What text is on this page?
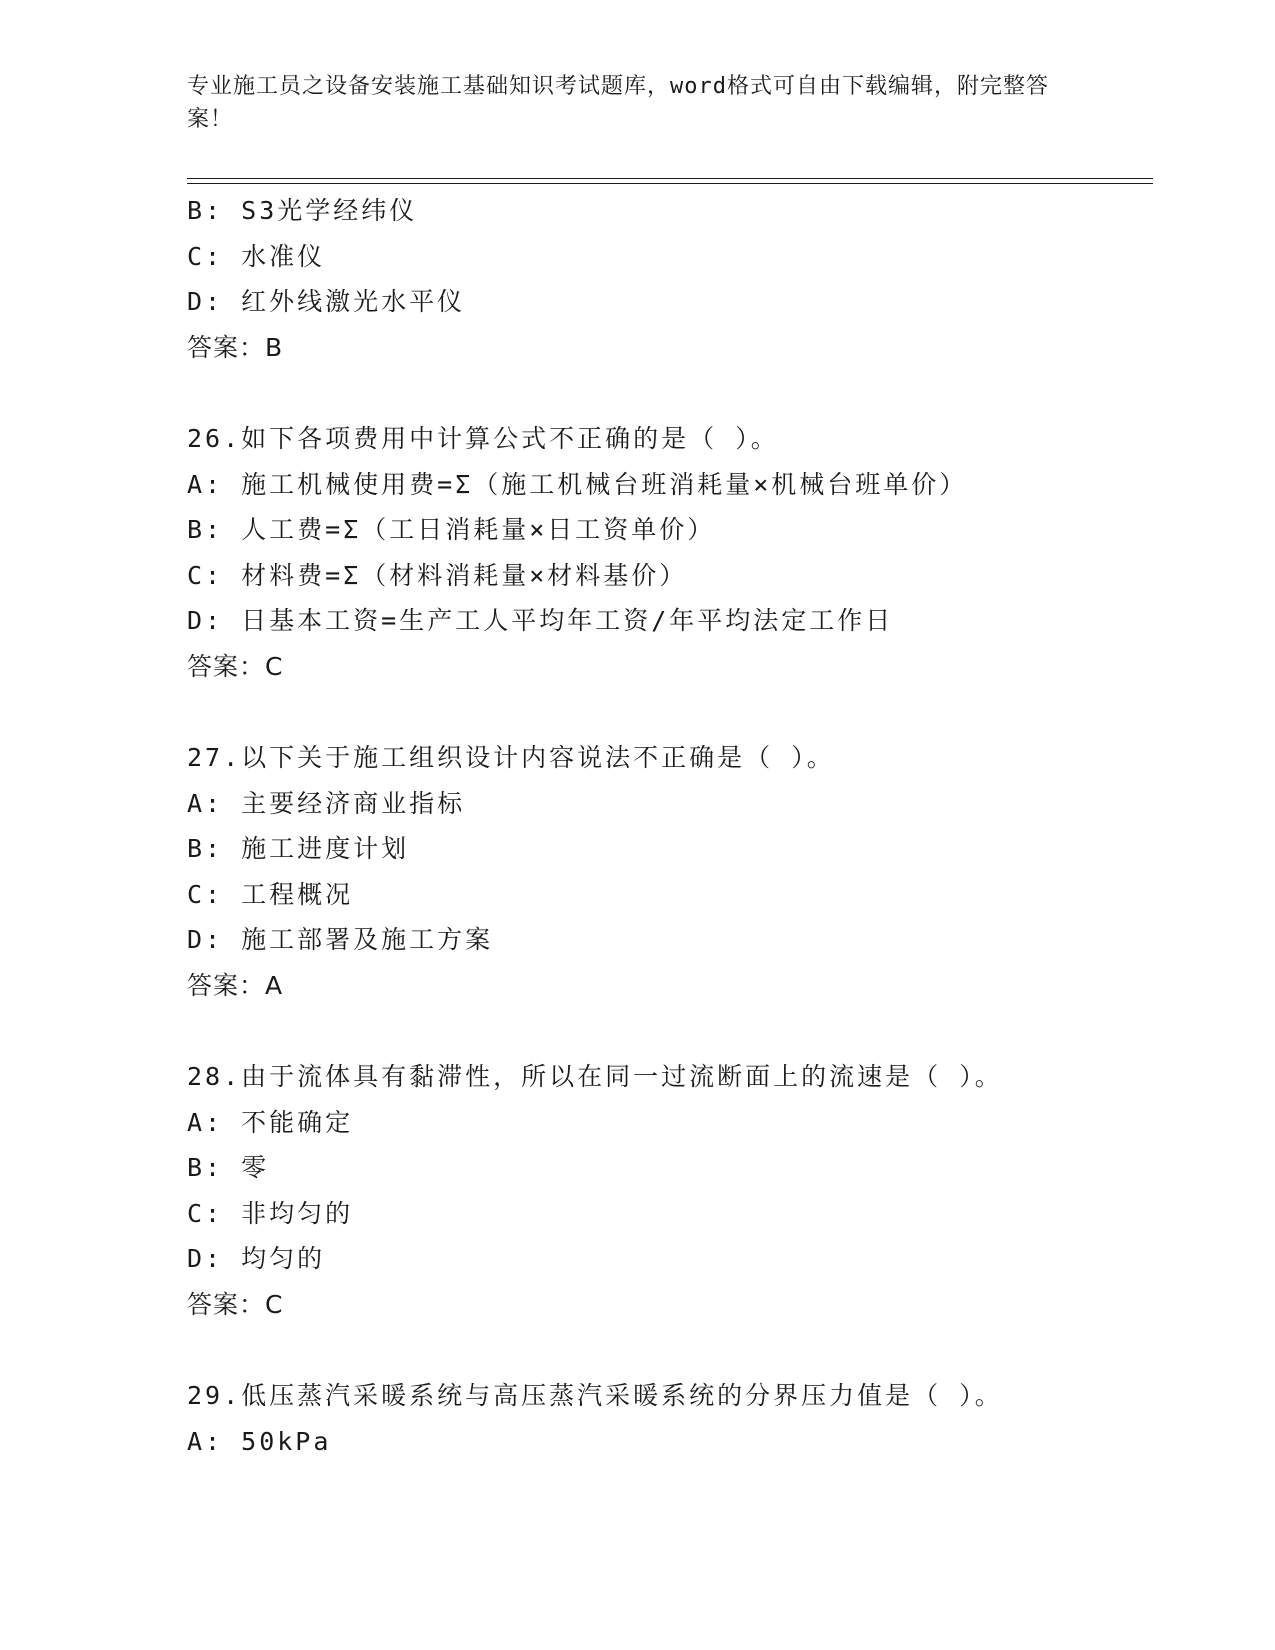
专业施工员之设备安装施工基础知识考试题库，word格式可自由下载编辑，附完整答案！
B: S3光学经纬仪
C: 水准仪
D: 红外线激光水平仪
答案：B
26.如下各项费用中计算公式不正确的是（ ）。
A: 施工机械使用费=Σ（施工机械台班消耗量×机械台班单价）
B: 人工费=Σ（工日消耗量×日工资单价）
C: 材料费=Σ（材料消耗量×材料基价）
D: 日基本工资=生产工人平均年工资/年平均法定工作日
答案：C
27.以下关于施工组织设计内容说法不正确是（ ）。
A: 主要经济商业指标
B: 施工进度计划
C: 工程概况
D: 施工部署及施工方案
答案：A
28.由于流体具有黏滞性，所以在同一过流断面上的流速是（ ）。
A: 不能确定
B: 零
C: 非均匀的
D: 均匀的
答案：C
29.低压蒸汽采暖系统与高压蒸汽采暖系统的分界压力值是（ ）。
A: 50kPa
